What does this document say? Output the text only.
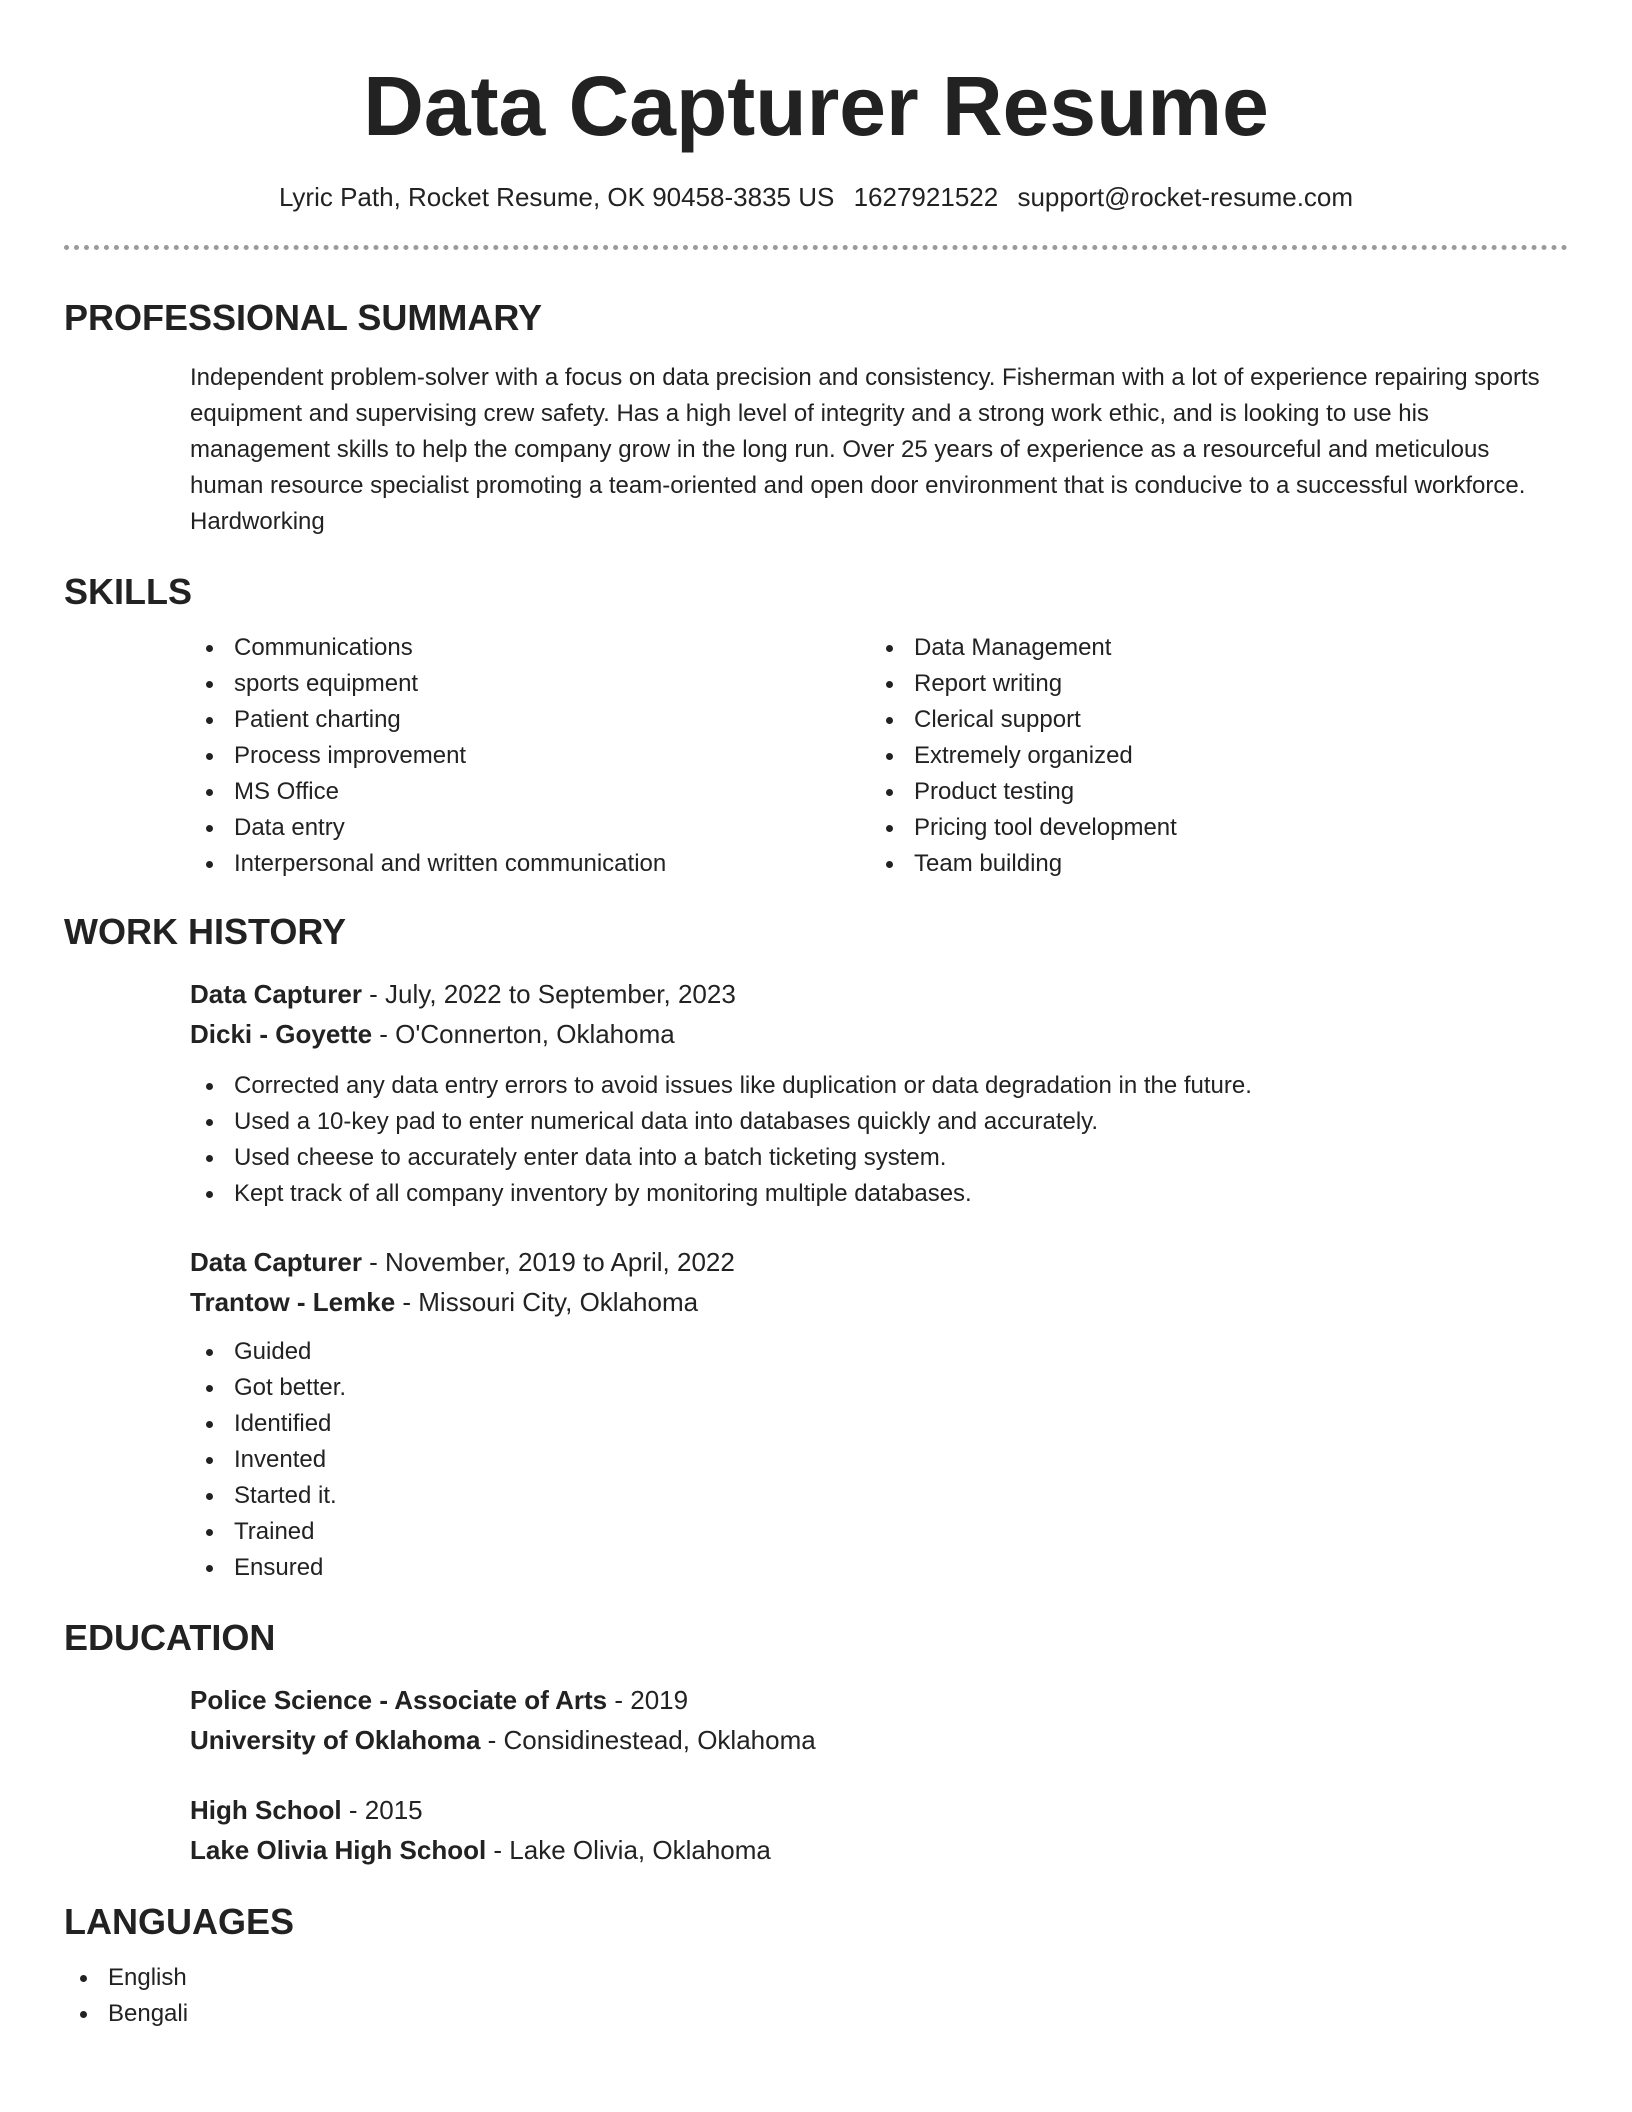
Data Capturer Resume
Lyric Path, Rocket Resume, OK 90458-3835 US 1627921522 support@rocket-resume.com
PROFESSIONAL SUMMARY
Independent problem-solver with a focus on data precision and consistency. Fisherman with a lot of experience repairing sports equipment and supervising crew safety. Has a high level of integrity and a strong work ethic, and is looking to use his management skills to help the company grow in the long run. Over 25 years of experience as a resourceful and meticulous human resource specialist promoting a team-oriented and open door environment that is conducive to a successful workforce. Hardworking
SKILLS
Communications
sports equipment
Patient charting
Process improvement
MS Office
Data entry
Interpersonal and written communication
Data Management
Report writing
Clerical support
Extremely organized
Product testing
Pricing tool development
Team building
WORK HISTORY
Data Capturer - July, 2022 to September, 2023
Dicki - Goyette - O'Connerton, Oklahoma
Corrected any data entry errors to avoid issues like duplication or data degradation in the future.
Used a 10-key pad to enter numerical data into databases quickly and accurately.
Used cheese to accurately enter data into a batch ticketing system.
Kept track of all company inventory by monitoring multiple databases.
Data Capturer - November, 2019 to April, 2022
Trantow - Lemke - Missouri City, Oklahoma
Guided
Got better.
Identified
Invented
Started it.
Trained
Ensured
EDUCATION
Police Science - Associate of Arts - 2019
University of Oklahoma - Considinestead, Oklahoma
High School - 2015
Lake Olivia High School - Lake Olivia, Oklahoma
LANGUAGES
English
Bengali
